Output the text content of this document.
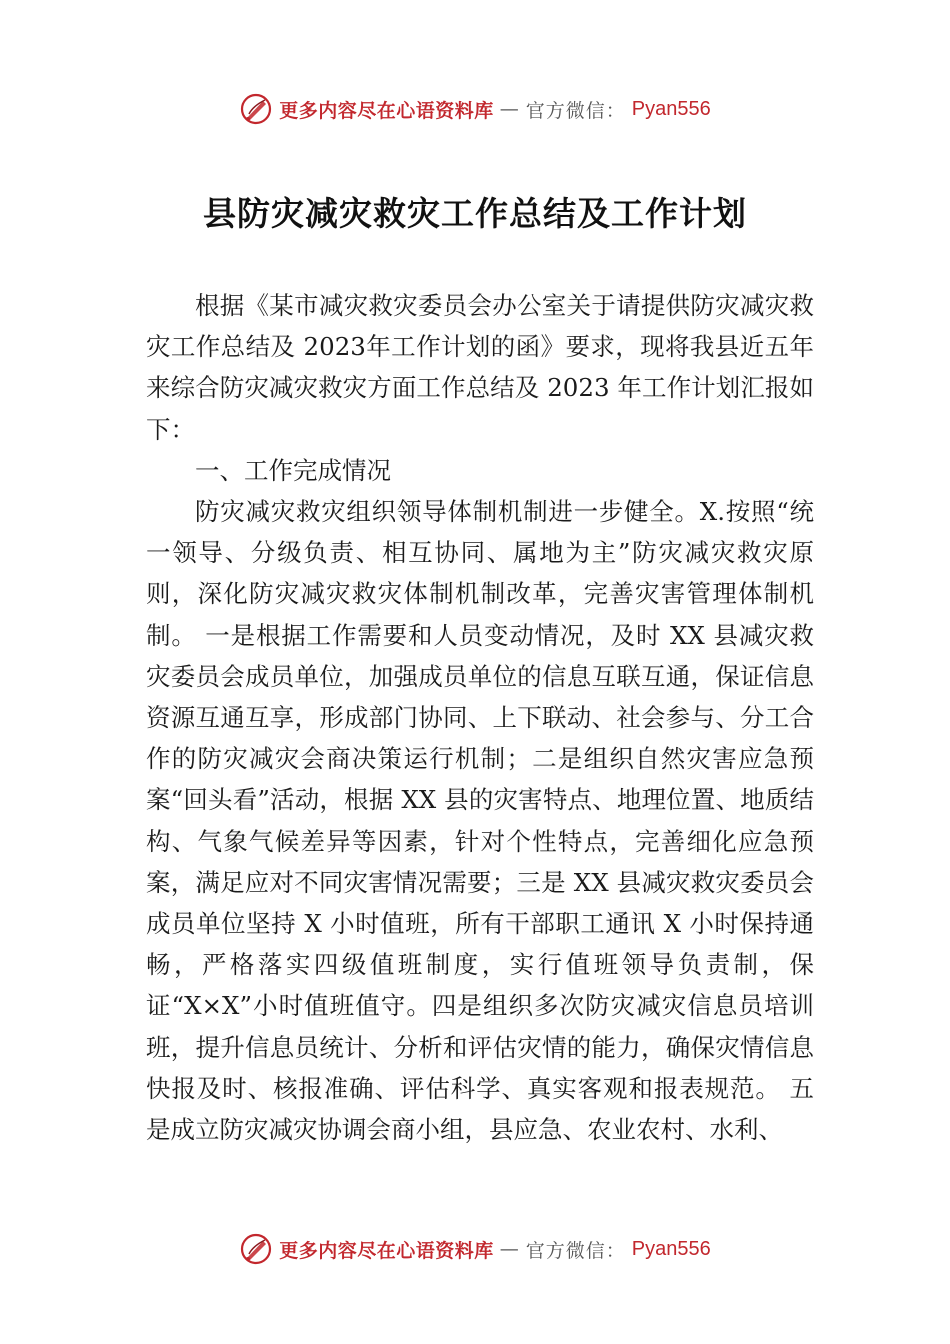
更多内容尽在心语资料库 — 官方微信： Pyan556
县防灾减灾救灾工作总结及工作计划

根据《某市减灾救灾委员会办公室关于请提供防灾减灾救灾工作总结及 2023年工作计划的函》要求，现将我县近五年来综合防灾减灾救灾方面工作总结及 2023 年工作计划汇报如下：

一、工作完成情况

防灾减灾救灾组织领导体制机制进一步健全。X.按照“统一领导、分级负责、相互协同、属地为主”防灾减灾救灾原则，深化防灾减灾救灾体制机制改革，完善灾害管理体制机制。 一是根据工作需要和人员变动情况，及时 XX 县减灾救灾委员会成员单位，加强成员单位的信息互联互通，保证信息资源互通互享，形成部门协同、上下联动、社会参与、分工合作的防灾减灾会商决策运行机制；二是组织自然灾害应急预案“回头看”活动，根据 XX 县的灾害特点、地理位置、地质结构、气象气候差异等因素，针对个性特点，完善细化应急预案，满足应对不同灾害情况需要；三是 XX 县减灾救灾委员会成员单位坚持 X 小时值班，所有干部职工通讯 X 小时保持通畅，严格落实四级值班制度，实行值班领导负责制，保证“X×X”小时值班值守。四是组织多次防灾减灾信息员培训班，提升信息员统计、分析和评估灾情的能力，确保灾情信息快报及时、核报准确、评估科学、真实客观和报表规范。 五是成立防灾减灾协调会商小组，县应急、农业农村、水利、

更多内容尽在心语资料库 — 官方微信： Pyan556
